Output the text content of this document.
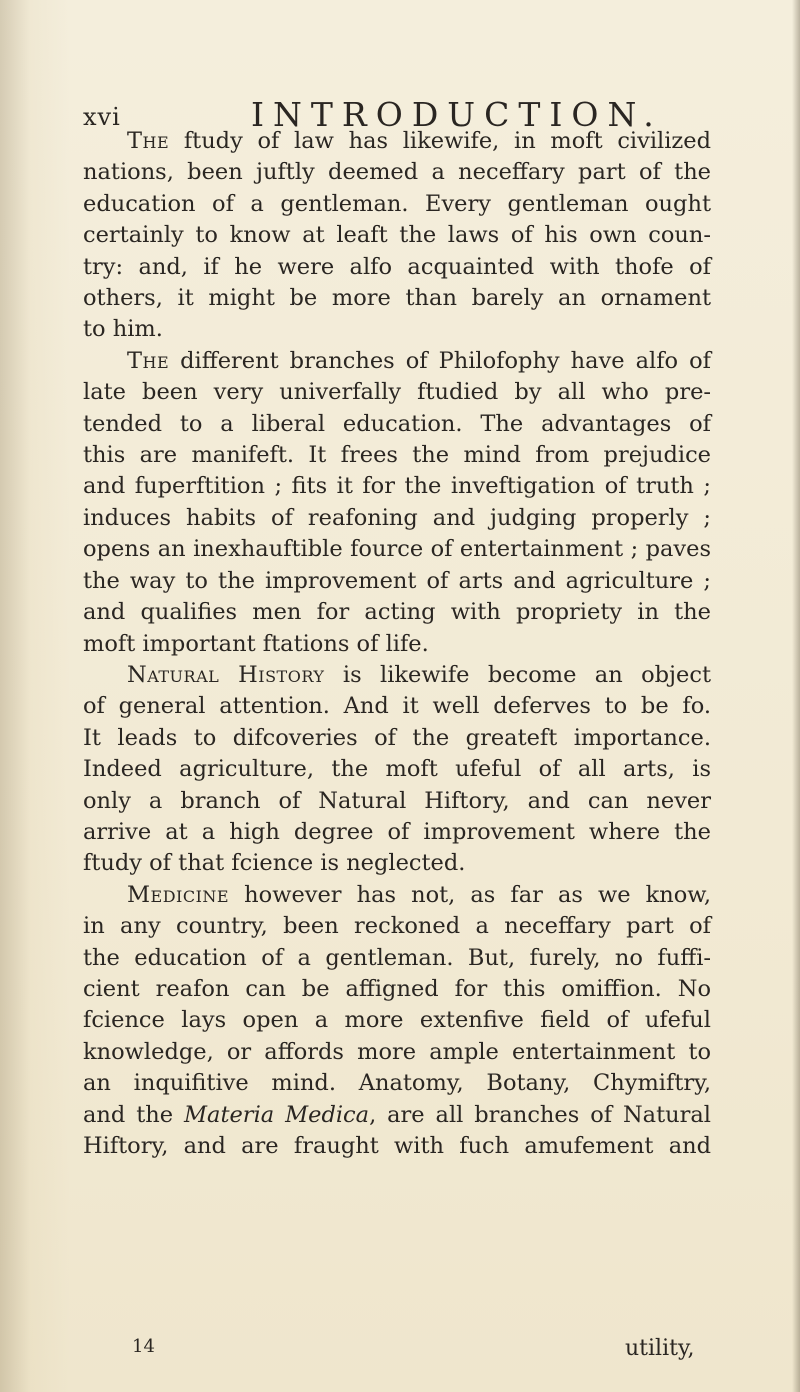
xvi	INTRODUCTION.

The ftudy of law has likewife, in moft civilized
nations, been juftly deemed a neceffary part of the
education of a gentleman. Every gentleman ought
certainly to know at leaft the laws of his own coun-
try: and, if he were alfo acquainted with thofe of
others, it might be more than barely an ornament
to him.

The different branches of Philofophy have alfo of
late been very univerfally ftudied by all who pre-
tended to a liberal education. The advantages of
this are manifeft. It frees the mind from prejudice
and fuperftition ; fits it for the inveftigation of truth ;
induces habits of reafoning and judging properly ;
opens an inexhauftible fource of entertainment ; paves
the way to the improvement of arts and agriculture ;
and qualifies men for acting with propriety in the
moft important ftations of life.

Natural History is likewife become an object
of general attention. And it well deferves to be fo.
It leads to difcoveries of the greateft importance.
Indeed agriculture, the moft ufeful of all arts, is
only a branch of Natural Hiftory, and can never
arrive at a high degree of improvement where the
ftudy of that fcience is neglected.

Medicine however has not, as far as we know,
in any country, been reckoned a neceffary part of
the education of a gentleman. But, furely, no fuffi-
cient reafon can be affigned for this omiffion. No
fcience lays open a more extenfive field of ufeful
knowledge, or affords more ample entertainment to
an inquifitive mind. Anatomy, Botany, Chymiftry,
and the Materia Medica, are all branches of Natural
Hiftory, and are fraught with fuch amufement and

14	utility,
